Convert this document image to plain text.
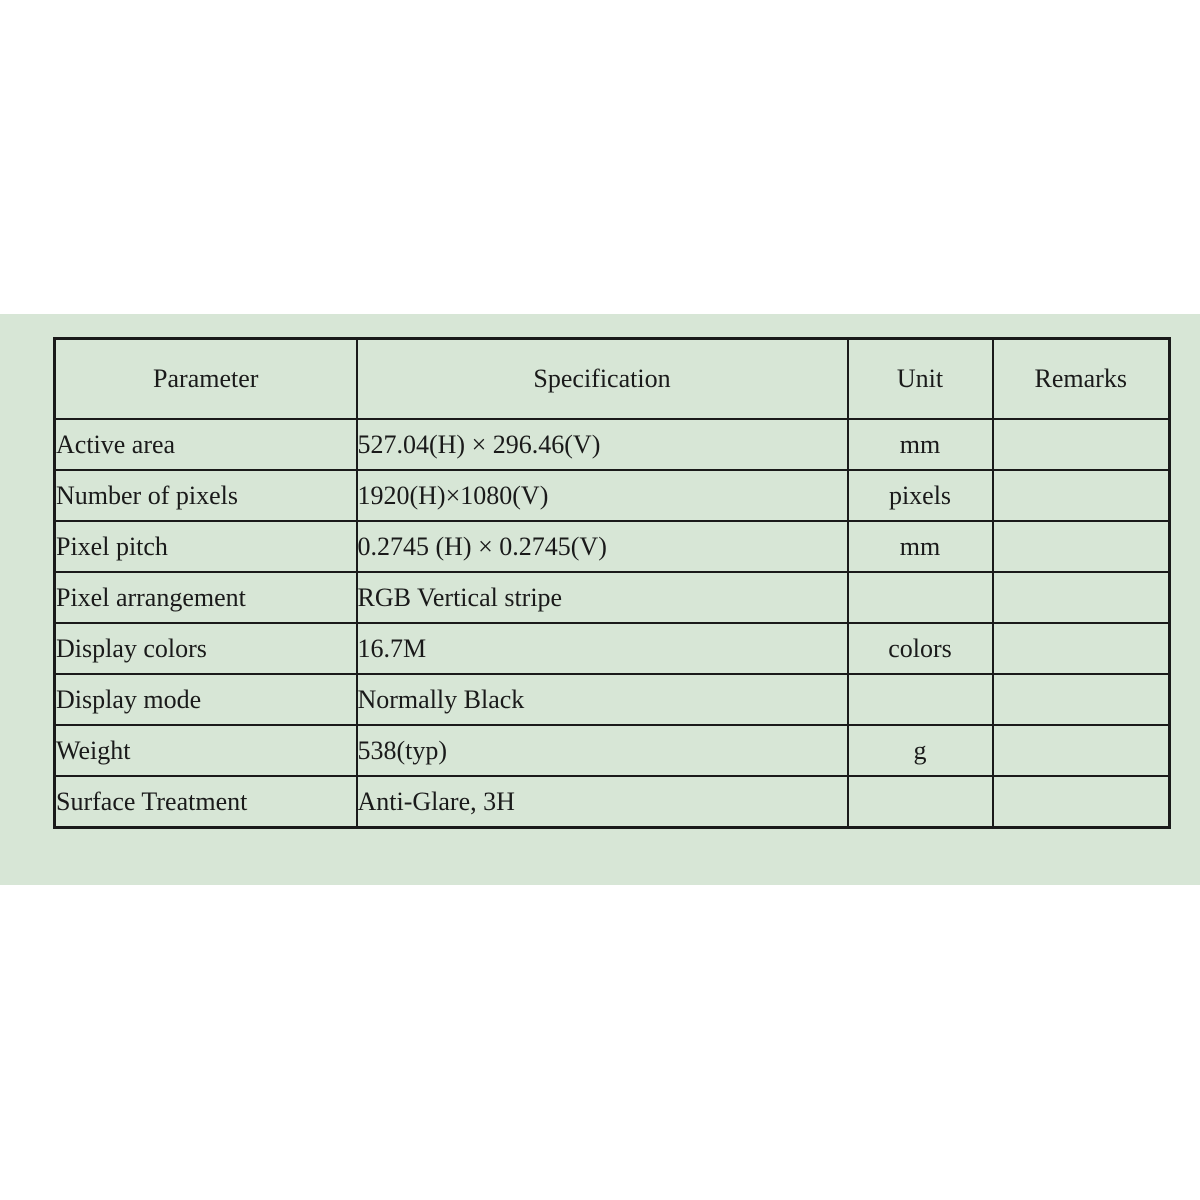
Parameter	Specification	Unit	Remarks
Active area	527.04(H) × 296.46(V)	mm	
Number of pixels	1920(H)×1080(V)	pixels	
Pixel pitch	0.2745 (H) × 0.2745(V)	mm	
Pixel arrangement	RGB Vertical stripe		
Display colors	16.7M	colors	
Display mode	Normally Black		
Weight	538(typ)	g	
Surface Treatment	Anti-Glare, 3H		
